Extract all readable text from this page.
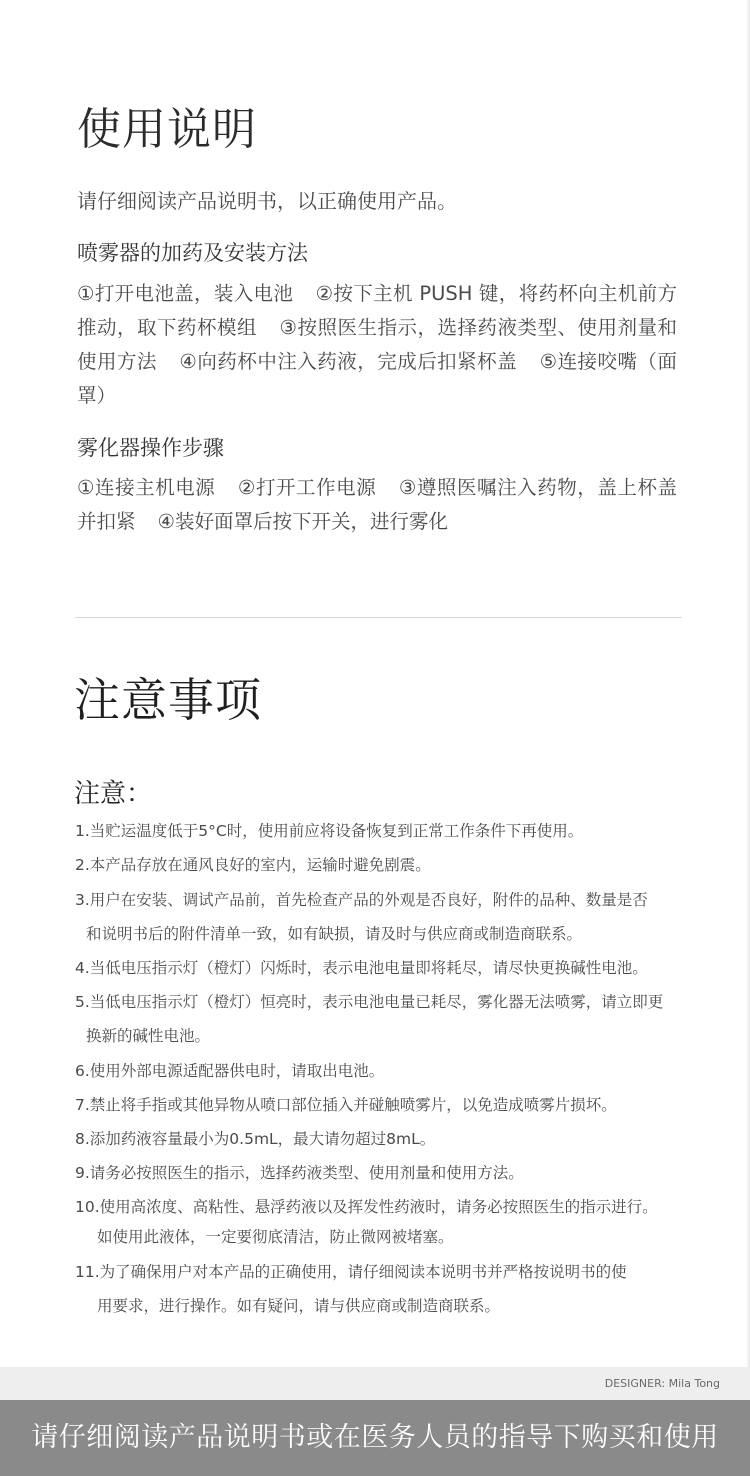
使用说明
请仔细阅读产品说明书，以正确使用产品。
喷雾器的加药及安装方法
①打开电池盖，装入电池 ②按下主机 PUSH 键，将药杯向主机前方推动，取下药杯模组 ③按照医生指示，选择药液类型、使用剂量和使用方法 ④向药杯中注入药液，完成后扣紧杯盖 ⑤连接咬嘴（面罩）
雾化器操作步骤
①连接主机电源 ②打开工作电源 ③遵照医嘱注入药物，盖上杯盖并扣紧 ④装好面罩后按下开关，进行雾化
注意事项
注意：
1.当贮运温度低于5°C时，使用前应将设备恢复到正常工作条件下再使用。
2.本产品存放在通风良好的室内，运输时避免剧震。
3.用户在安装、调试产品前，首先检查产品的外观是否良好，附件的品种、数量是否
和说明书后的附件清单一致，如有缺损，请及时与供应商或制造商联系。
4.当低电压指示灯（橙灯）闪烁时，表示电池电量即将耗尽，请尽快更换碱性电池。
5.当低电压指示灯（橙灯）恒亮时，表示电池电量已耗尽，雾化器无法喷雾，请立即更
换新的碱性电池。
6.使用外部电源适配器供电时，请取出电池。
7.禁止将手指或其他异物从喷口部位插入并碰触喷雾片，以免造成喷雾片损坏。
8.添加药液容量最小为0.5mL，最大请勿超过8mL。
9.请务必按照医生的指示，选择药液类型、使用剂量和使用方法。
10.使用高浓度、高粘性、悬浮药液以及挥发性药液时，请务必按照医生的指示进行。
如使用此液体，一定要彻底清洁，防止微网被堵塞。
11.为了确保用户对本产品的正确使用，请仔细阅读本说明书并严格按说明书的使
用要求，进行操作。如有疑问，请与供应商或制造商联系。
DESIGNER: Mila Tong
请仔细阅读产品说明书或在医务人员的指导下购买和使用
